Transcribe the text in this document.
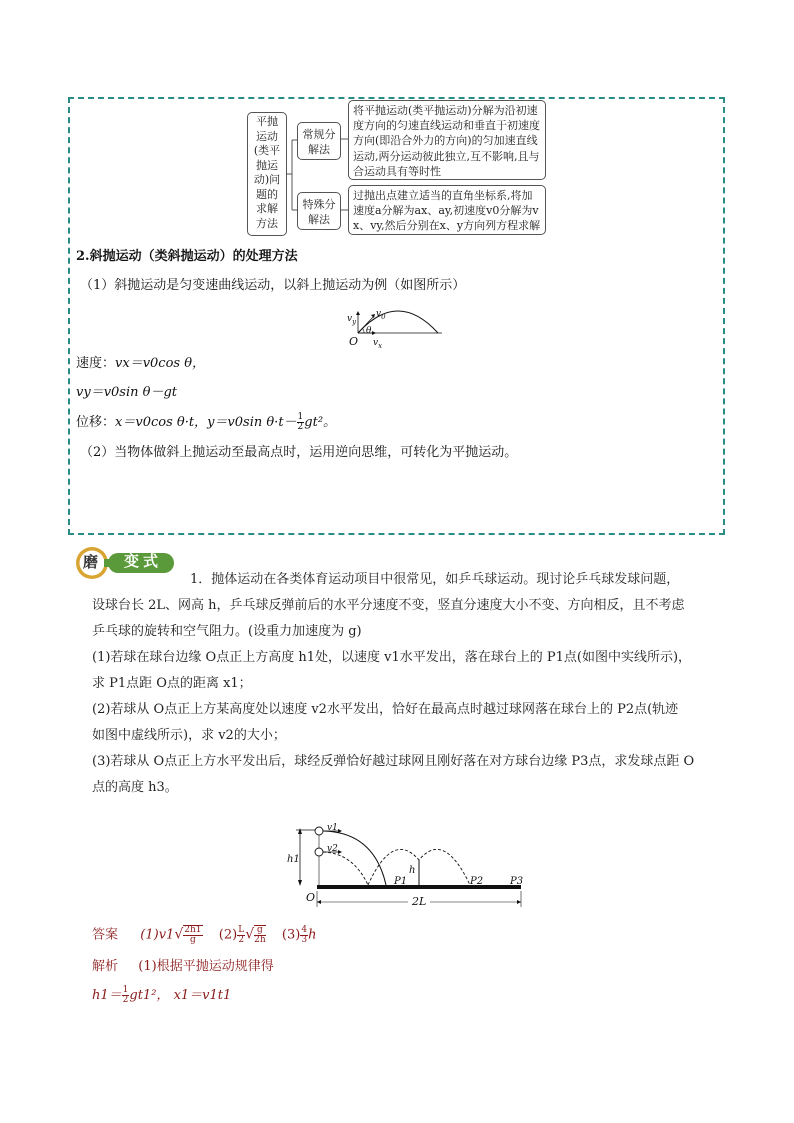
平抛运动(类平抛运动)问题的求解方法
常规分解法
将平抛运动(类平抛运动)分解为沿初速度方向的匀速直线运动和垂直于初速度方向(即沿合外力的方向)的匀加速直线运动,两分运动彼此独立,互不影响,且与合运动具有等时性
特殊分解法
过抛出点建立适当的直角坐标系,将加速度a分解为ax、ay,初速度v0分解为vx、vy,然后分别在x、y方向列方程求解
2.斜抛运动（类斜抛运动）的处理方法
（1）斜抛运动是匀变速曲线运动，以斜上抛运动为例（如图所示）
$v_y$
$v_0$
θ
O $v_x$
速度：vx＝v0cos θ，
vy＝v0sin θ－gt
位移：x＝v0cos θ·t，y＝v0sin $\theta\cdot t- \frac{1}{2} gt^2$。
（2）当物体做斜上抛运动至最高点时，运用逆向思维，可转化为平抛运动。
磨 变式
1．抛体运动在各类体育运动项目中很常见，如乒乓球运动。现讨论乒乓球发球问题，
设球台长 2L、网高 h，乒乓球反弹前后的水平分速度不变，竖直分速度大小不变、方向相反，且不考虑
乒乓球的旋转和空气阻力。(设重力加速度为 g)
(1)若球在球台边缘 O点正上方高度 h1处，以速度 v1水平发出，落在球台上的 P1点(如图中实线所示)，
求 P1点距 O点的距离 x1；
(2)若球从 O点正上方某高度处以速度 v2水平发出，恰好在最高点时越过球网落在球台上的 P2点(轨迹
如图中虚线所示)，求 v2的大小；
(3)若球从 O点正上方水平发出后，球经反弹恰好越过球网且刚好落在对方球台边缘 P3点，求发球点距 O
点的高度 h3。
v1
v2
h1
h
O
P1	P2	P3
2L
答案 $(1)v1√ \frac{2h1}{g} (2) \frac{L}{2}$ √ $\frac{g}{2h} (3) \frac{4}{3}$ h
解析 (1)根据平抛运动规律得
$h1= \frac{1}{2} gt1^2$， x1＝v1t1
